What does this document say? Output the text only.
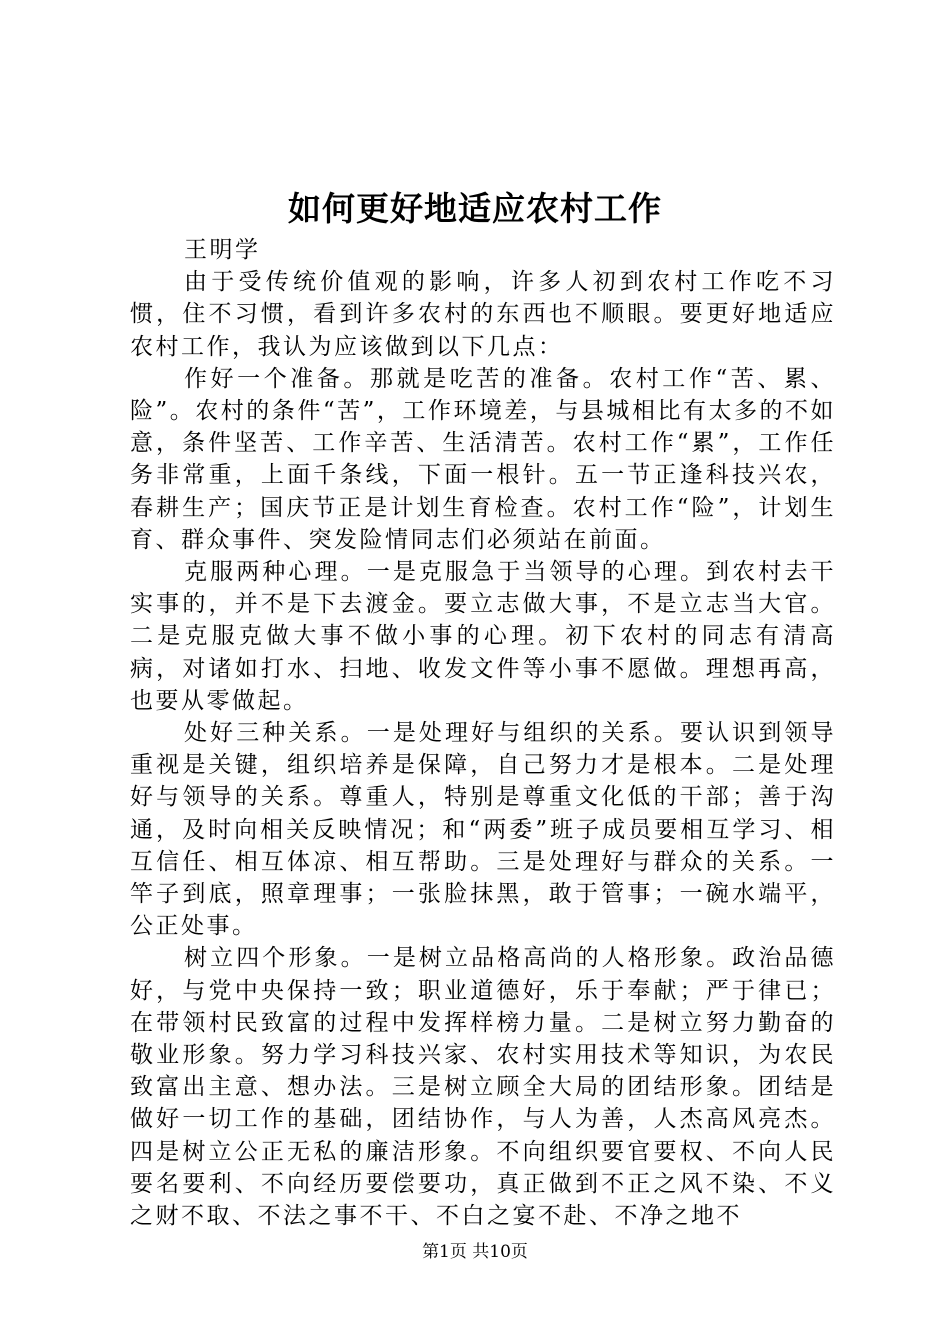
如何更好地适应农村工作

王明学

由于受传统价值观的影响，许多人初到农村工作吃不习惯，住不习惯，看到许多农村的东西也不顺眼。要更好地适应农村工作，我认为应该做到以下几点：

作好一个准备。那就是吃苦的准备。农村工作“苦、累、险”。农村的条件“苦”，工作环境差，与县城相比有太多的不如意，条件坚苦、工作辛苦、生活清苦。农村工作“累”，工作任务非常重，上面千条线，下面一根针。五一节正逢科技兴农，春耕生产；国庆节正是计划生育检查。农村工作“险”，计划生育、群众事件、突发险情同志们必须站在前面。

克服两种心理。一是克服急于当领导的心理。到农村去干实事的，并不是下去渡金。要立志做大事，不是立志当大官。二是克服克做大事不做小事的心理。初下农村的同志有清高病，对诸如打水、扫地、收发文件等小事不愿做。理想再高，也要从零做起。

处好三种关系。一是处理好与组织的关系。要认识到领导重视是关键，组织培养是保障，自己努力才是根本。二是处理好与领导的关系。尊重人，特别是尊重文化低的干部；善于沟通，及时向相关反映情况；和“两委”班子成员要相互学习、相互信任、相互体凉、相互帮助。三是处理好与群众的关系。一竿子到底，照章理事；一张脸抹黑，敢于管事；一碗水端平，公正处事。

树立四个形象。一是树立品格高尚的人格形象。政治品德好，与党中央保持一致；职业道德好，乐于奉献；严于律已；在带领村民致富的过程中发挥样榜力量。二是树立努力勤奋的敬业形象。努力学习科技兴家、农村实用技术等知识，为农民致富出主意、想办法。三是树立顾全大局的团结形象。团结是做好一切工作的基础，团结协作，与人为善，人杰高风亮杰。四是树立公正无私的廉洁形象。不向组织要官要权、不向人民要名要利、不向经历要偿要功，真正做到不正之风不染、不义之财不取、不法之事不干、不白之宴不赴、不净之地不

第1页 共10页
